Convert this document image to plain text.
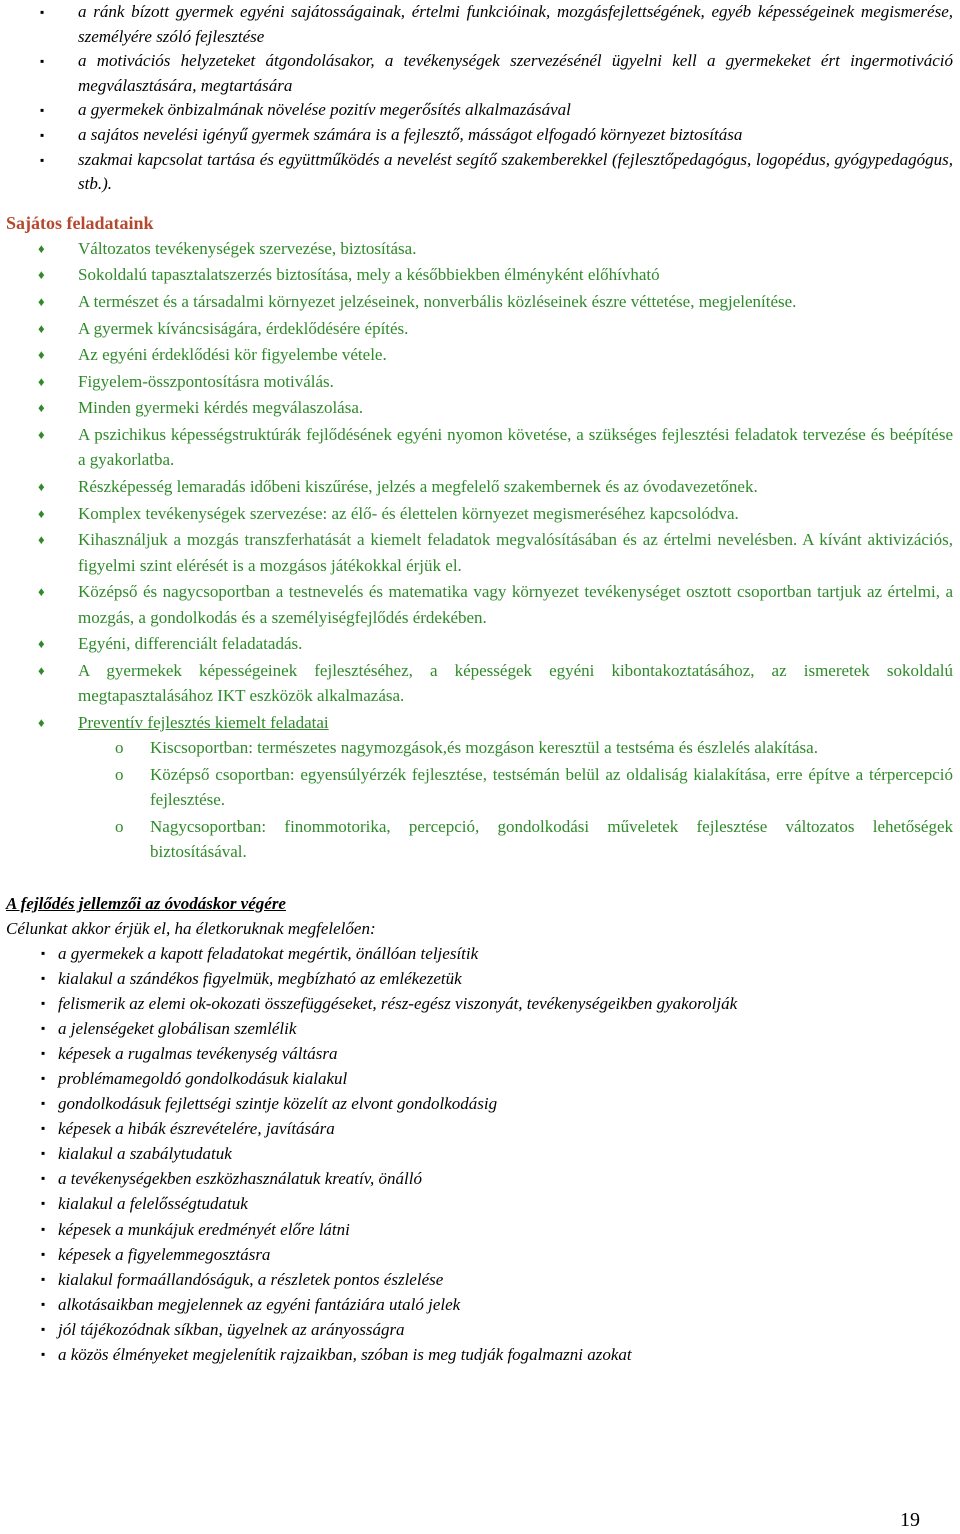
▪ a ránk bízott gyermek egyéni sajátosságainak, értelmi funkcióinak, mozgásfejlettségének, egyéb képességeinek megismerése, személyére szóló fejlesztése
▪ a motivációs helyzeteket átgondolásakor, a tevékenységek szervezésénél ügyelni kell a gyermekeket ért ingermotiváció megválasztására, megtartására
▪ a gyermekek önbizalmának növelése pozitív megerősítés alkalmazásával
▪ a sajátos nevelési igényű gyermek számára is a fejlesztő, másságot elfogadó környezet biztosítása
▪ szakmai kapcsolat tartása és együttműködés a nevelést segítő szakemberekkel (fejlesztőpedagógus, logopédus, gyógypedagógus, stb.).
Sajátos feladataink
♦ Változatos tevékenységek szervezése, biztosítása.
♦ Sokoldalú tapasztalatszerzés biztosítása, mely a későbbiekben élményként előhívható
♦ A természet és a társadalmi környezet jelzéseinek, nonverbális közléseinek észre véttetése, megjelenítése.
♦ A gyermek kíváncsiságára, érdeklődésére építés.
♦ Az egyéni érdeklődési kör figyelembe vétele.
♦ Figyelem-összpontosításra motiválás.
♦ Minden gyermeki kérdés megválaszolása.
♦ A pszichikus képességstruktúrák fejlődésének egyéni nyomon követése, a szükséges fejlesztési feladatok tervezése és beépítése a gyakorlatba.
♦ Részképesség lemaradás időbeni kiszűrése, jelzés a megfelelő szakembernek és az óvodavezetőnek.
♦ Komplex tevékenységek szervezése: az élő- és élettelen környezet megismeréséhez kapcsolódva.
♦ Kihasználjuk a mozgás transzferhatását a kiemelt feladatok megvalósításában és az értelmi nevelésben. A kívánt aktivizációs, figyelmi szint elérését is a mozgásos játékokkal érjük el.
♦ Középső és nagycsoportban a testnevelés és matematika vagy környezet tevékenységet osztott csoportban tartjuk az értelmi, a mozgás, a gondolkodás és a személyiségfejlődés érdekében.
♦ Egyéni, differenciált feladatadás.
♦ A gyermekek képességeinek fejlesztéséhez, a képességek egyéni kibontakoztatásához, az ismeretek sokoldalú megtapasztalásához IKT eszközök alkalmazása.
♦ Preventív fejlesztés kiemelt feladatai
o Kiscsoportban: természetes nagymozgások,és mozgáson keresztül a testséma és észlelés alakítása.
o Középső csoportban: egyensúlyérzék fejlesztése, testsémán belül az oldaliság kialakítása, erre építve a térpercepció fejlesztése.
o Nagycsoportban: finommotorika, percepció, gondolkodási műveletek fejlesztése változatos lehetőségek biztosításával.
A fejlődés jellemzői az óvodáskor végére
Célunkat akkor érjük el, ha életkoruknak megfelelően:
▪ a gyermekek a kapott feladatokat megértik, önállóan teljesítik
▪ kialakul a szándékos figyelmük, megbízható az emlékezetük
▪ felismerik az elemi ok-okozati összefüggéseket, rész-egész viszonyát, tevékenységeikben gyakorolják
▪ a jelenségeket globálisan szemlélik
▪ képesek a rugalmas tevékenység váltásra
▪ problémamegoldó gondolkodásuk kialakul
▪ gondolkodásuk fejlettségi szintje közelít az elvont gondolkodásig
▪ képesek a hibák észrevételére, javítására
▪ kialakul a szabálytudatuk
▪ a tevékenységekben eszközhasználatuk kreatív, önálló
▪ kialakul a felelősségtudatuk
▪ képesek a munkájuk eredményét előre látni
▪ képesek a figyelemmegosztásra
▪ kialakul formaállandóságuk, a részletek pontos észlelése
▪ alkotásaikban megjelennek az egyéni fantáziára utaló jelek
▪ jól tájékozódnak síkban, ügyelnek az arányosságra
▪ a közös élményeket megjelenítik rajzaikban, szóban is meg tudják fogalmazni azokat
19
